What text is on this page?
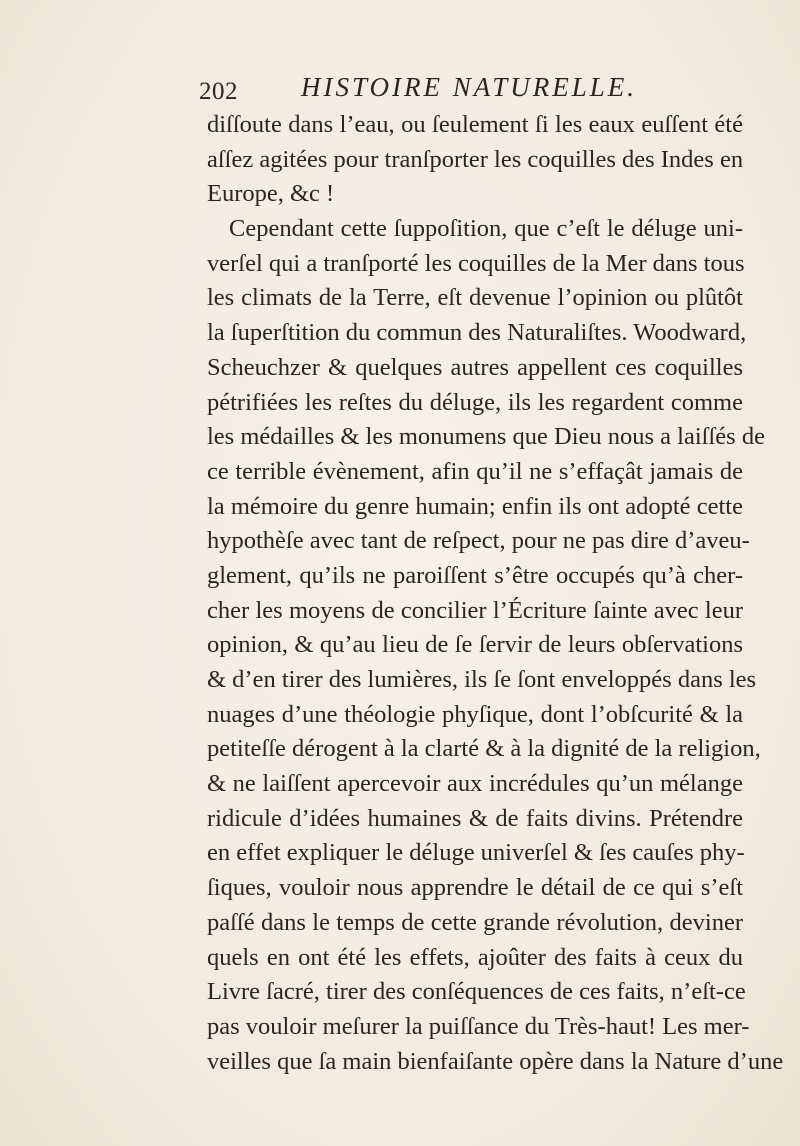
202 HISTOIRE NATURELLE.
diſſoute dans l’eau, ou ſeulement ſi les eaux euſſent été
aſſez agitées pour tranſporter les coquilles des Indes en
Europe, &c !
Cependant cette ſuppoſition, que c’eſt le déluge uni-
verſel qui a tranſporté les coquilles de la Mer dans tous
les climats de la Terre, eſt devenue l’opinion ou plûtôt
la ſuperſtition du commun des Naturaliſtes. Woodward,
Scheuchzer & quelques autres appellent ces coquilles
pétrifiées les reſtes du déluge, ils les regardent comme
les médailles & les monumens que Dieu nous a laiſſés de
ce terrible évènement, afin qu’il ne s’effaçât jamais de
la mémoire du genre humain; enfin ils ont adopté cette
hypothèſe avec tant de reſpect, pour ne pas dire d’aveu-
glement, qu’ils ne paroiſſent s’être occupés qu’à cher-
cher les moyens de concilier l’Écriture ſainte avec leur
opinion, & qu’au lieu de ſe ſervir de leurs obſervations
& d’en tirer des lumières, ils ſe ſont enveloppés dans les
nuages d’une théologie phyſique, dont l’obſcurité & la
petiteſſe dérogent à la clarté & à la dignité de la religion,
& ne laiſſent apercevoir aux incrédules qu’un mélange
ridicule d’idées humaines & de faits divins. Prétendre
en effet expliquer le déluge univerſel & ſes cauſes phy-
ſiques, vouloir nous apprendre le détail de ce qui s’eſt
paſſé dans le temps de cette grande révolution, deviner
quels en ont été les effets, ajoûter des faits à ceux du
Livre ſacré, tirer des conſéquences de ces faits, n’eſt-ce
pas vouloir meſurer la puiſſance du Très-haut! Les mer-
veilles que ſa main bienfaiſante opère dans la Nature d’une
